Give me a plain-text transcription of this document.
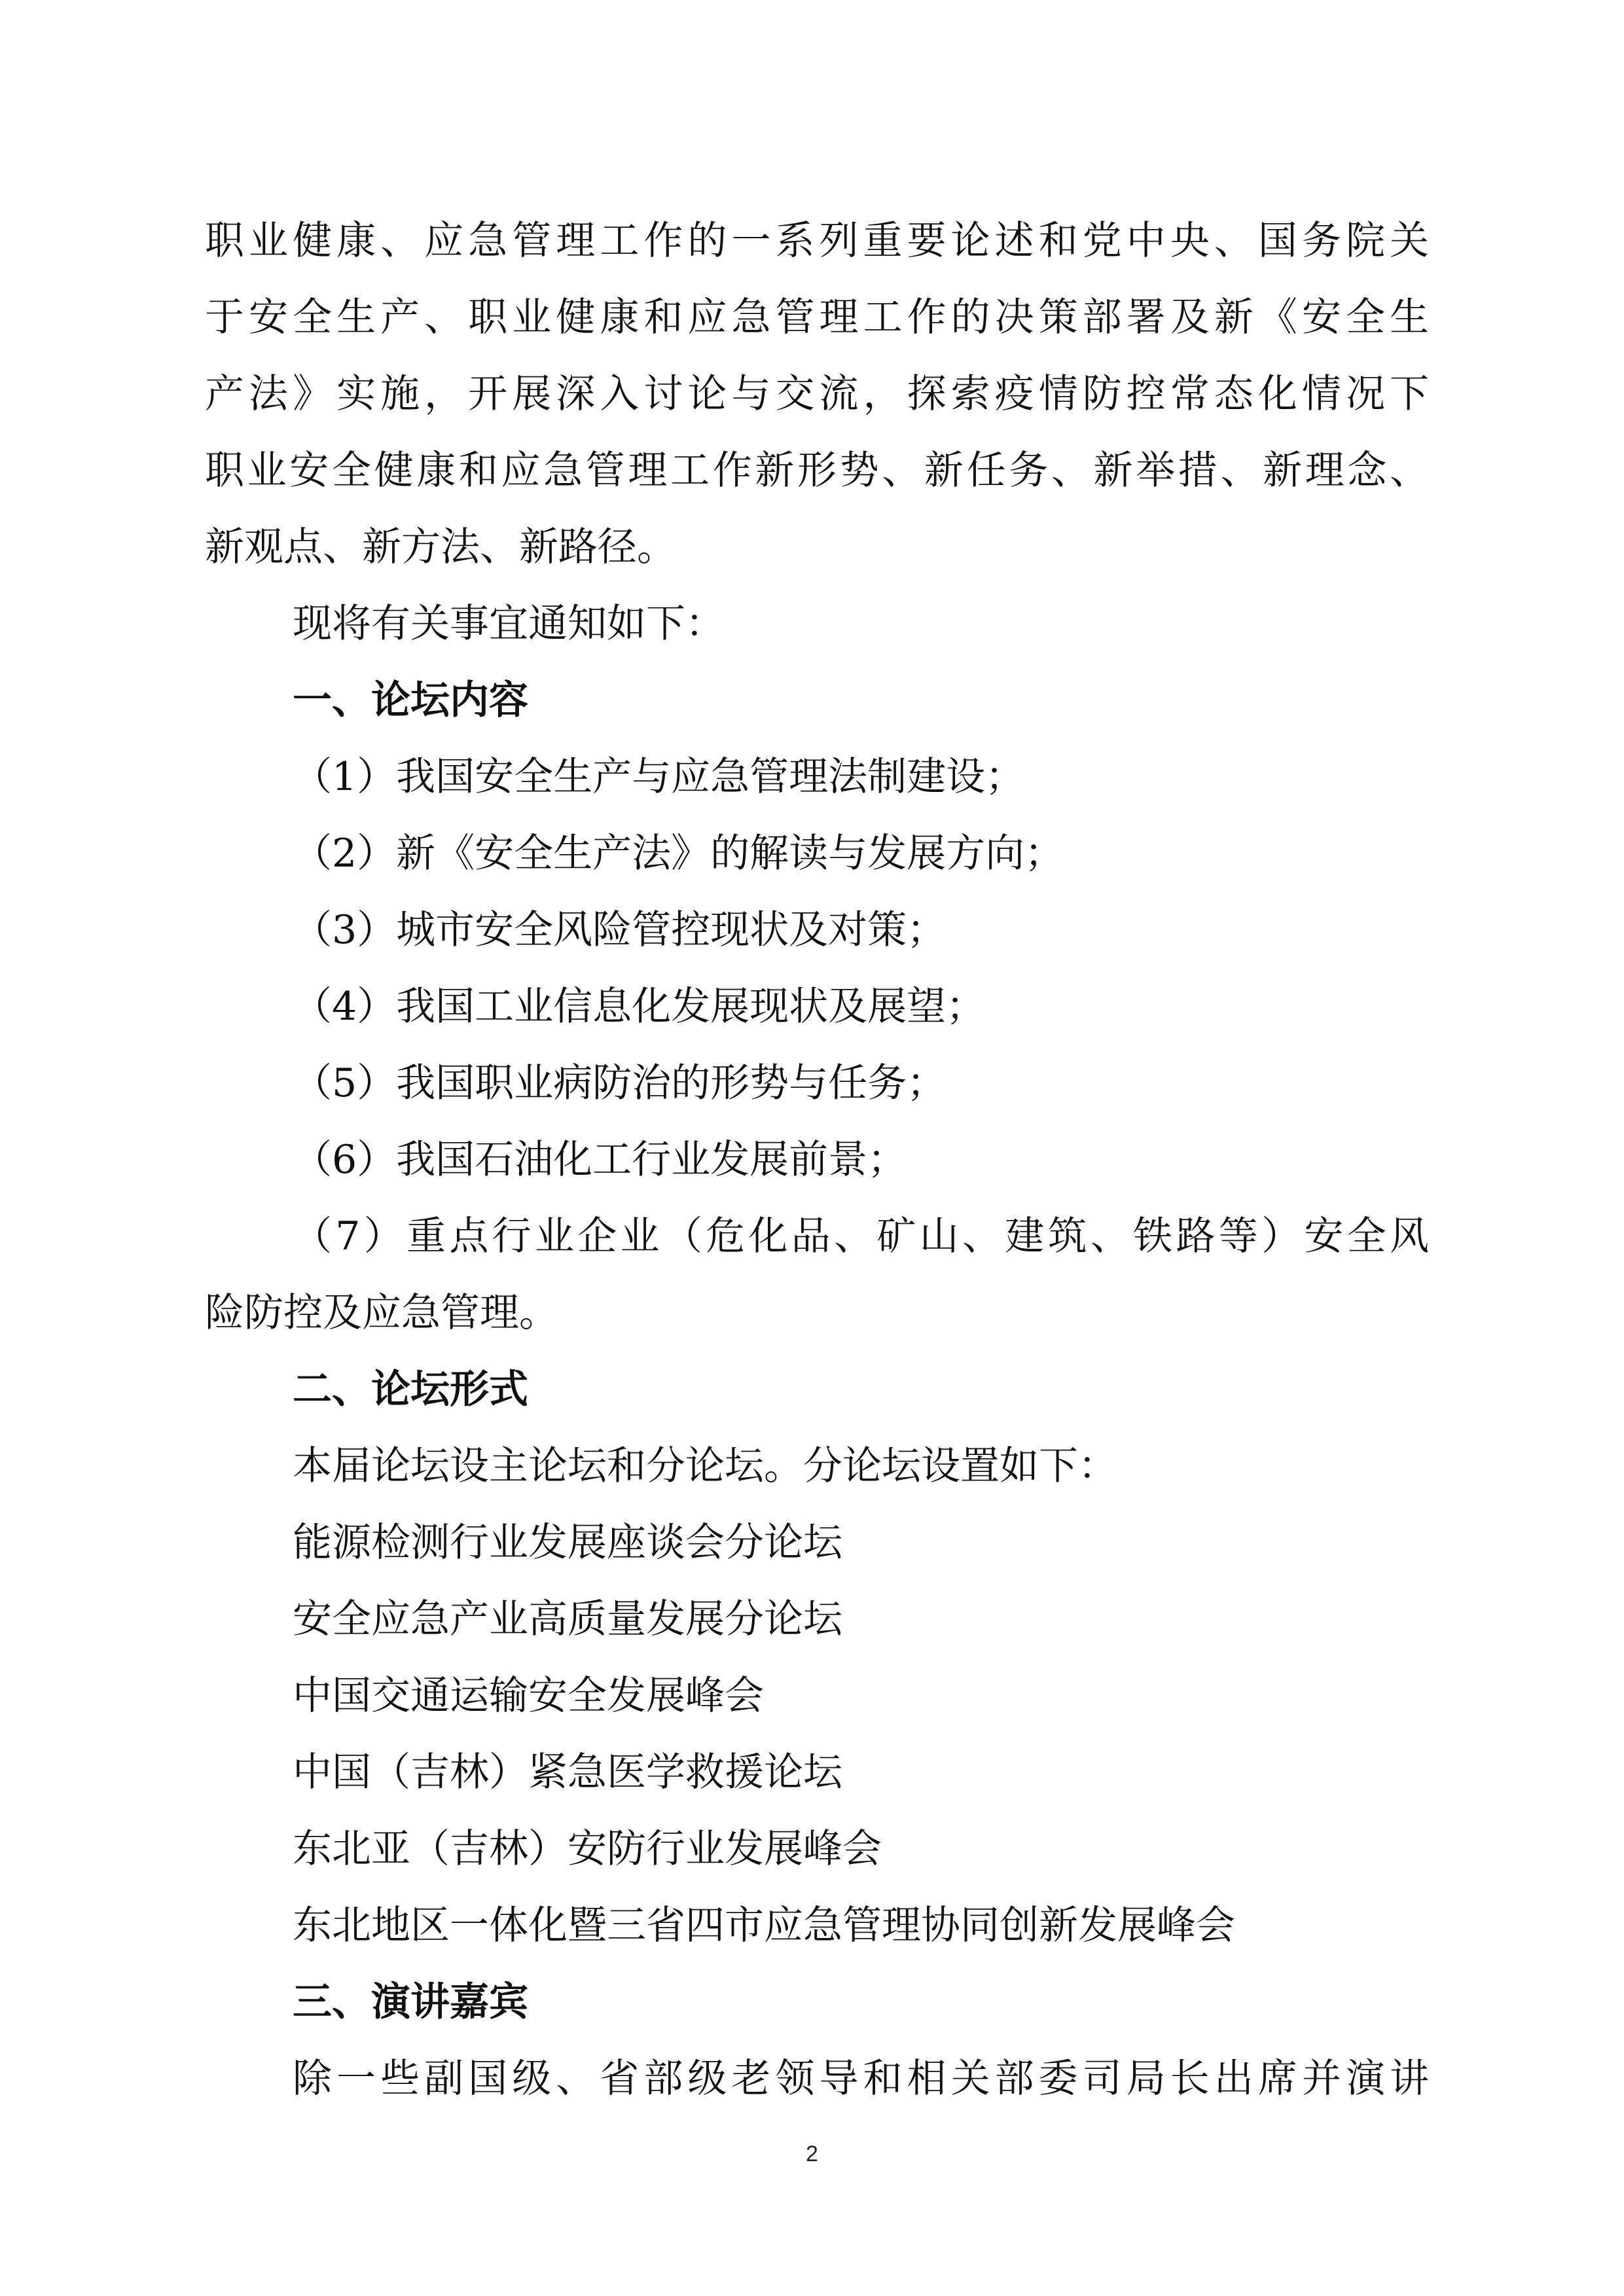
职业健康、应急管理工作的一系列重要论述和党中央、国务院关
于安全生产、职业健康和应急管理工作的决策部署及新《安全生
产法》实施，开展深入讨论与交流，探索疫情防控常态化情况下
职业安全健康和应急管理工作新形势、新任务、新举措、新理念、
新观点、新方法、新路径。
现将有关事宜通知如下：
一、论坛内容
（1）我国安全生产与应急管理法制建设；
（2）新《安全生产法》的解读与发展方向；
（3）城市安全风险管控现状及对策；
（4）我国工业信息化发展现状及展望；
（5）我国职业病防治的形势与任务；
（6）我国石油化工行业发展前景；
（7）重点行业企业（危化品、矿山、建筑、铁路等）安全风
险防控及应急管理。
二、论坛形式
本届论坛设主论坛和分论坛。分论坛设置如下：
能源检测行业发展座谈会分论坛
安全应急产业高质量发展分论坛
中国交通运输安全发展峰会
中国（吉林）紧急医学救援论坛
东北亚（吉林）安防行业发展峰会
东北地区一体化暨三省四市应急管理协同创新发展峰会
三、演讲嘉宾
除一些副国级、省部级老领导和相关部委司局长出席并演讲
2
